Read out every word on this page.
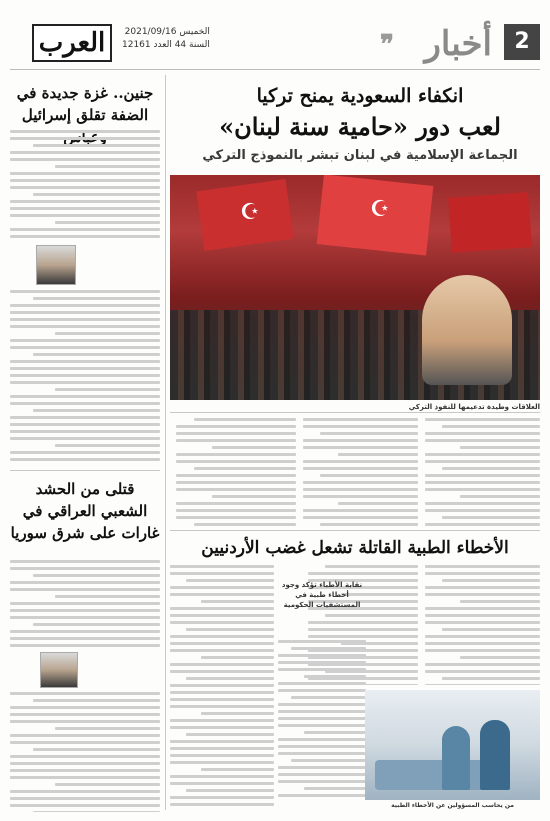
2
أخبار
❞
الخميس 2021/09/16
السنة 44 العدد 12161
العرب
انكفاء السعودية يمنح تركيا
لعب دور «حامية سنة لبنان»
الجماعة الإسلامية في لبنان تبشر بالنموذج التركي
جنين.. غزة جديدة في الضفة تقلق إسرائيل
☪	☪
العلاقات وطيدة تدعيمها للنفوذ التركي
قتلى من الحشد الشعبي العراقي في غارات على شرق سوريا
الأخطاء الطبية القاتلة تشعل غضب الأردنيين
نقابة الأطباء تؤكد وجود أخطاء طبية في المستشفيات الحكومية
من يحاسب المسؤولين عن الأخطاء الطبية
